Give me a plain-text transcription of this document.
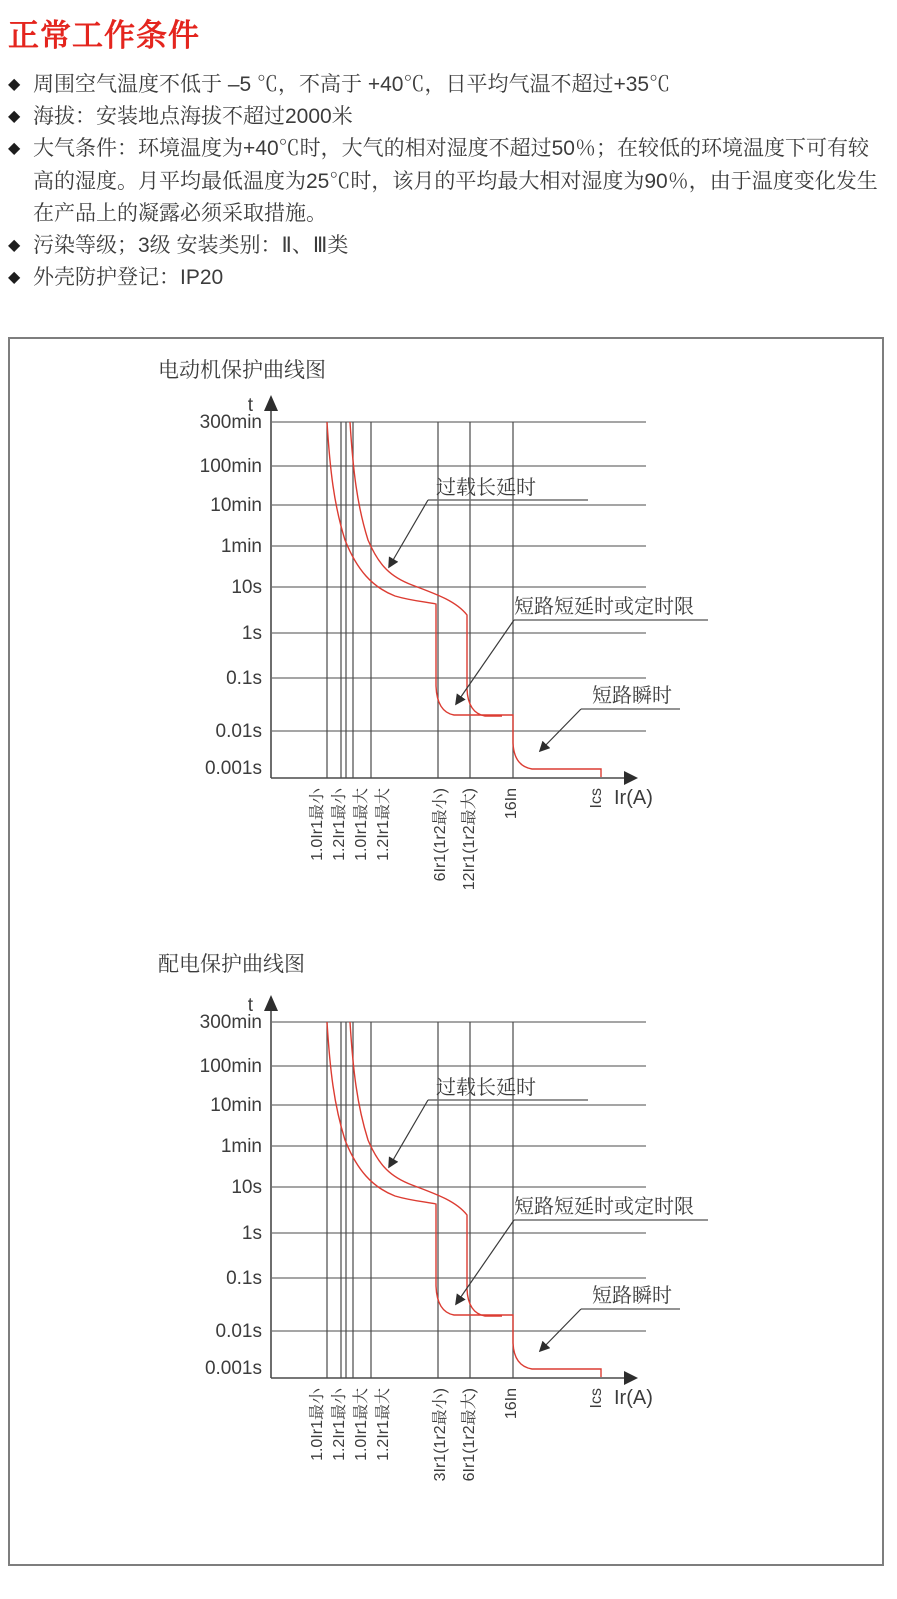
正常工作条件
◆ 周围空气温度不低于 –5 ℃，不高于 +40℃，日平均气温不超过+35℃
◆ 海拔：安装地点海拔不超过2000米
◆ 大气条件：环境温度为+40℃时，大气的相对湿度不超过50％；在较低的环境温度下可有较
高的湿度。月平均最低温度为25℃时，该月的平均最大相对湿度为90％，由于温度变化发生
在产品上的凝露必须采取措施。
◆ 污染等级；3级 安装类别：Ⅱ、Ⅲ类
◆ 外壳防护登记：IP20
电动机保护曲线图
t
Ir(A)
300min
100min
10min
1min
10s
1s
0.1s
0.01s
0.001s
1.0Ir1最小 1.2Ir1最小 1.0Ir1最大 1.2Ir1最大	6Ir1(1r2最小) 12Ir1(1r2最大) 16In	Ics
过载长延时
短路短延时或定时限
短路瞬时
配电保护曲线图
t
Ir(A)
300min
100min
10min
1min
10s
1s
0.1s
0.01s
0.001s
1.0Ir1最小 1.2Ir1最小 1.0Ir1最大 1.2Ir1最大	3Ir1(1r2最小) 6Ir1(1r2最大) 16In	Ics
过载长延时
短路短延时或定时限
短路瞬时
